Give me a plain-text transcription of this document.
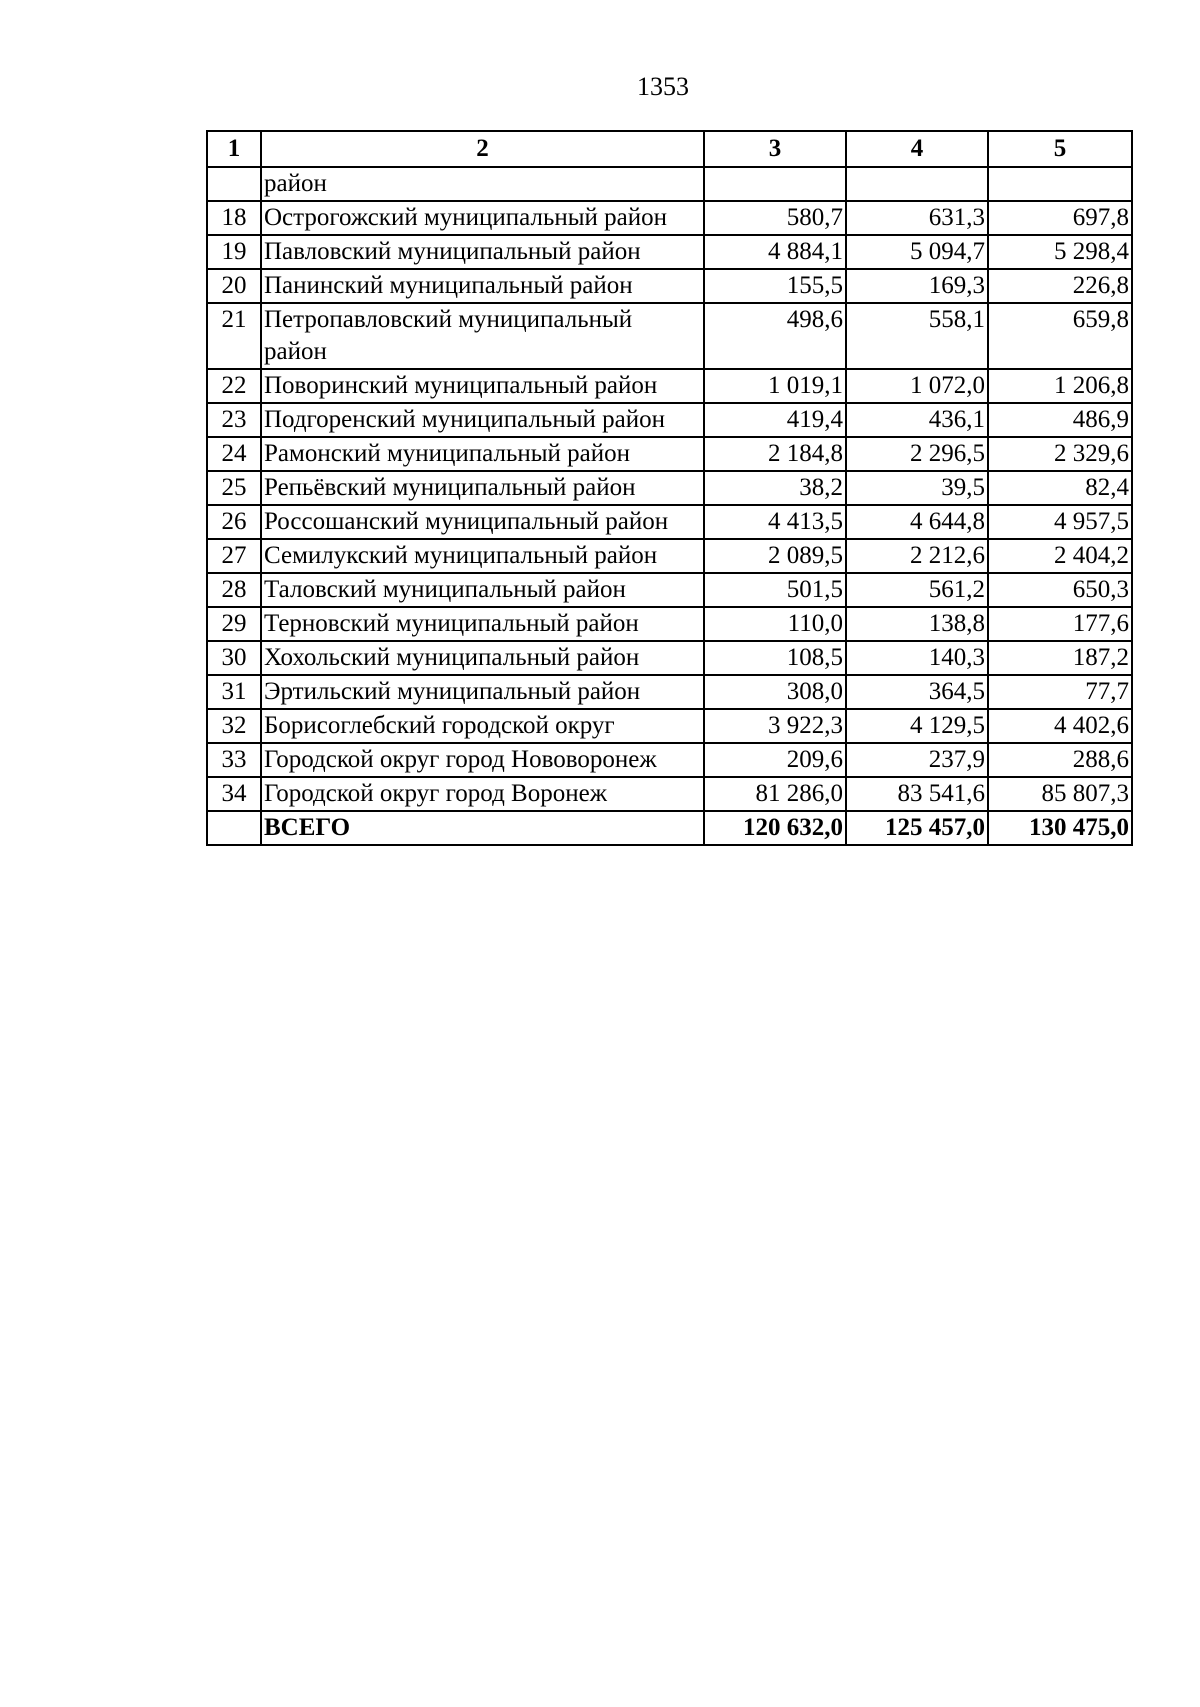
1353
1	2	3	4	5
	район			
18	Острогожский муниципальный район	580,7	631,3	697,8
19	Павловский муниципальный район	4 884,1	5 094,7	5 298,4
20	Панинский муниципальный район	155,5	169,3	226,8
21	Петропавловский муниципальный район	498,6	558,1	659,8
22	Поворинский муниципальный район	1 019,1	1 072,0	1 206,8
23	Подгоренский муниципальный район	419,4	436,1	486,9
24	Рамонский муниципальный район	2 184,8	2 296,5	2 329,6
25	Репьёвский муниципальный район	38,2	39,5	82,4
26	Россошанский муниципальный район	4 413,5	4 644,8	4 957,5
27	Семилукский муниципальный район	2 089,5	2 212,6	2 404,2
28	Таловский муниципальный район	501,5	561,2	650,3
29	Терновский муниципальный район	110,0	138,8	177,6
30	Хохольский муниципальный район	108,5	140,3	187,2
31	Эртильский муниципальный район	308,0	364,5	77,7
32	Борисоглебский городской округ	3 922,3	4 129,5	4 402,6
33	Городской округ город Нововоронеж	209,6	237,9	288,6
34	Городской округ город Воронеж	81 286,0	83 541,6	85 807,3
	ВСЕГО	120 632,0	125 457,0	130 475,0
